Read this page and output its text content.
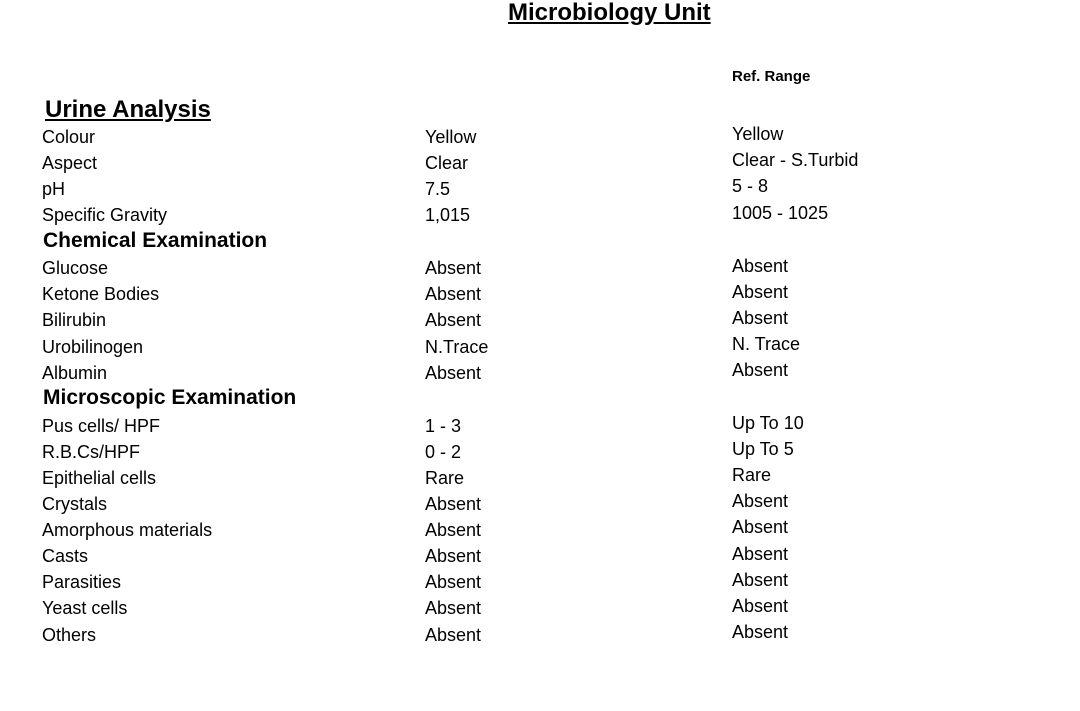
Microbiology Unit
Ref. Range
Urine Analysis
Colour	Yellow	Yellow
Aspect	Clear	Clear - S.Turbid
pH	7.5	5 - 8
Specific Gravity	1,015	1005 - 1025
Chemical Examination
Glucose	Absent	Absent
Ketone Bodies	Absent	Absent
Bilirubin	Absent	Absent
Urobilinogen	N.Trace	N. Trace
Albumin	Absent	Absent
Microscopic Examination
Pus cells/ HPF	1 - 3	Up To 10
R.B.Cs/HPF	0 - 2	Up To 5
Epithelial cells	Rare	Rare
Crystals	Absent	Absent
Amorphous materials	Absent	Absent
Casts	Absent	Absent
Parasities	Absent	Absent
Yeast cells	Absent	Absent
Others	Absent	Absent
